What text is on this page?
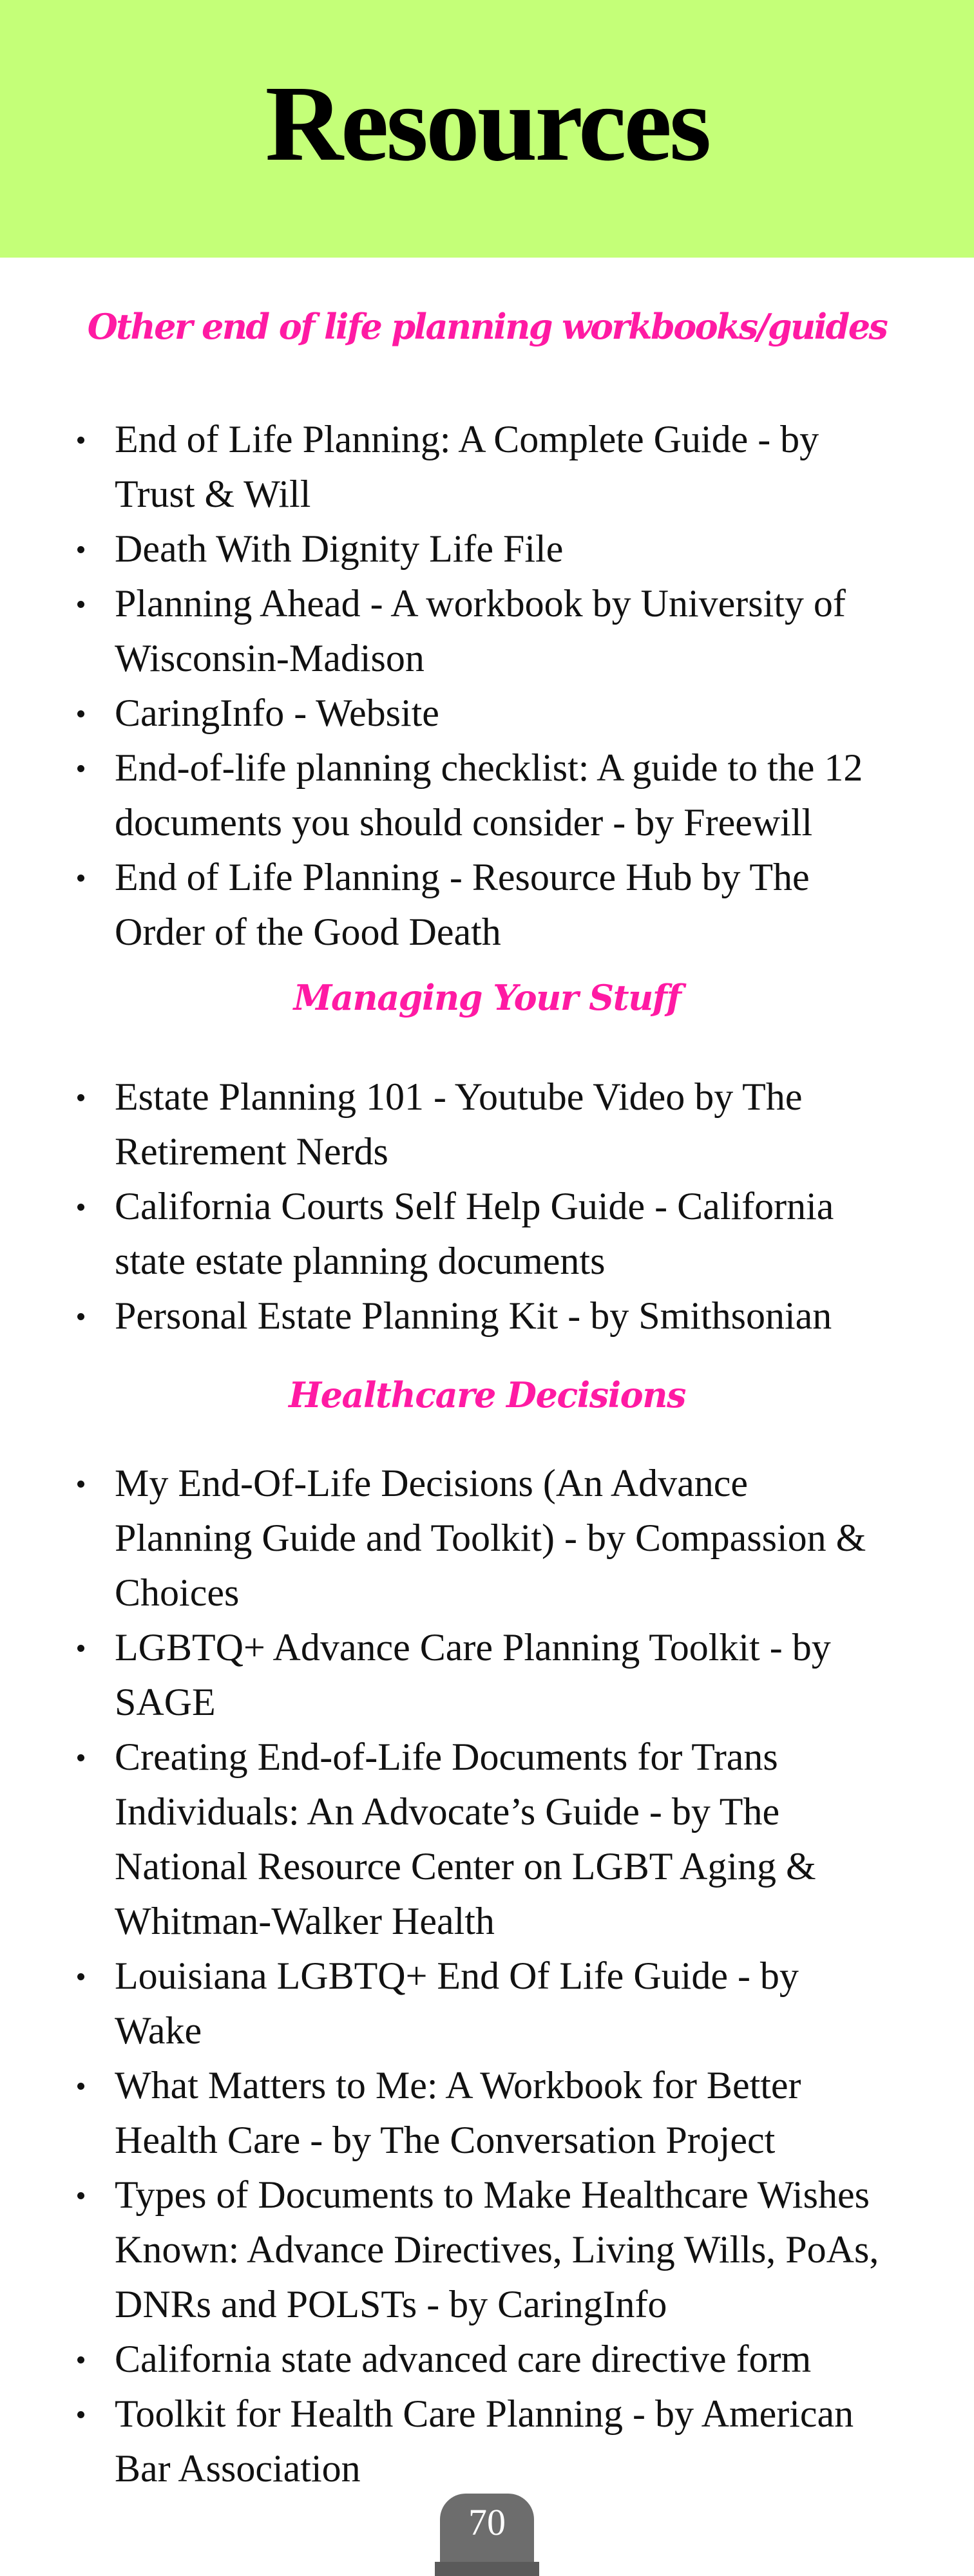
Resources
Other end of life planning workbooks/guides
End of Life Planning: A Complete Guide - by
Trust & Will
Death With Dignity Life File
Planning Ahead - A workbook by University of
Wisconsin-Madison
CaringInfo - Website
End-of-life planning checklist: A guide to the 12
documents you should consider - by Freewill
End of Life Planning - Resource Hub by The
Order of the Good Death
Managing Your Stuff
Estate Planning 101 - Youtube Video by The
Retirement Nerds
California Courts Self Help Guide - California
state estate planning documents
Personal Estate Planning Kit - by Smithsonian
Healthcare Decisions
My End-Of-Life Decisions (An Advance
Planning Guide and Toolkit) - by Compassion &
Choices
LGBTQ+ Advance Care Planning Toolkit - by
SAGE
Creating End-of-Life Documents for Trans
Individuals: An Advocate’s Guide - by The
National Resource Center on LGBT Aging &
Whitman-Walker Health
Louisiana LGBTQ+ End Of Life Guide - by
Wake
What Matters to Me: A Workbook for Better
Health Care - by The Conversation Project
Types of Documents to Make Healthcare Wishes
Known: Advance Directives, Living Wills, PoAs,
DNRs and POLSTs - by CaringInfo
California state advanced care directive form
Toolkit for Health Care Planning - by American
Bar Association
70
